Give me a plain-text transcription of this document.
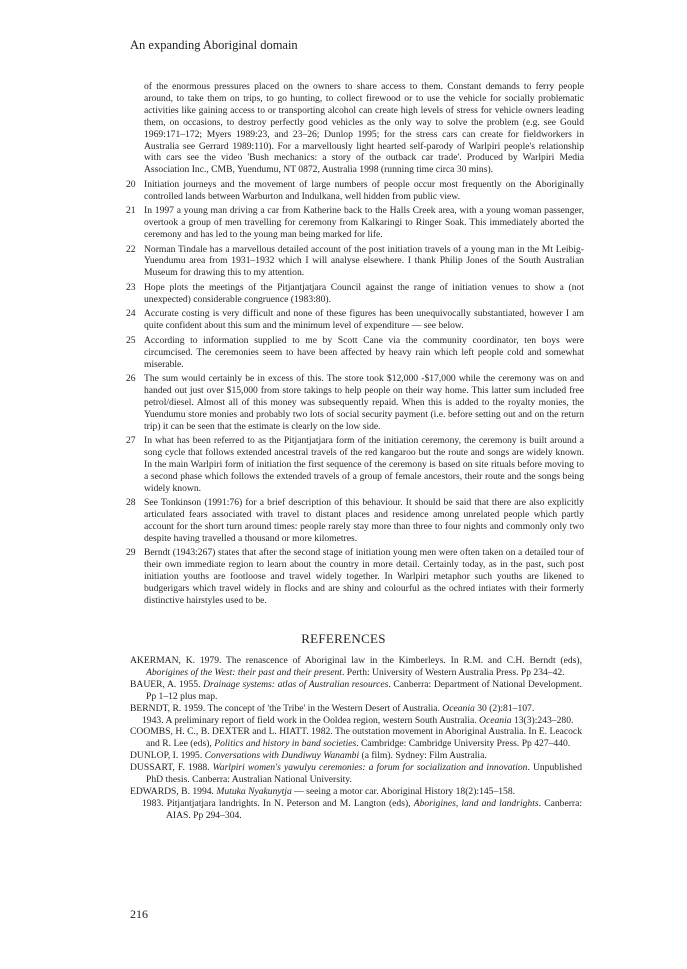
An expanding Aboriginal domain
of the enormous pressures placed on the owners to share access to them. Constant demands to ferry people around, to take them on trips, to go hunting, to collect firewood or to use the vehicle for socially problematic activities like gaining access to or transporting alcohol can create high levels of stress for vehicle owners leading them, on occasions, to destroy perfectly good vehicles as the only way to solve the problem (e.g. see Gould 1969:171–172; Myers 1989:23, and 23–26; Dunlop 1995; for the stress cars can create for fieldworkers in Australia see Gerrard 1989:110). For a marvellously light hearted self-parody of Warlpiri people's relationship with cars see the video 'Bush mechanics: a story of the outback car trade'. Produced by Warlpiri Media Association Inc., CMB, Yuendumu, NT 0872, Australia 1998 (running time circa 30 mins).
20 Initiation journeys and the movement of large numbers of people occur most frequently on the Aboriginally controlled lands between Warburton and Indulkana, well hidden from public view.
21 In 1997 a young man driving a car from Katherine back to the Halls Creek area, with a young woman passenger, overtook a group of men travelling for ceremony from Kalkaringi to Ringer Soak. This immediately aborted the ceremony and has led to the young man being marked for life.
22 Norman Tindale has a marvellous detailed account of the post initiation travels of a young man in the Mt Leibig-Yuendumu area from 1931–1932 which I will analyse elsewhere. I thank Philip Jones of the South Australian Museum for drawing this to my attention.
23 Hope plots the meetings of the Pitjantjatjara Council against the range of initiation venues to show a (not unexpected) considerable congruence (1983:80).
24 Accurate costing is very difficult and none of these figures has been unequivocally substantiated, however I am quite confident about this sum and the minimum level of expenditure — see below.
25 According to information supplied to me by Scott Cane via the community coordinator, ten boys were circumcised. The ceremonies seem to have been affected by heavy rain which left people cold and somewhat miserable.
26 The sum would certainly be in excess of this. The store took $12,000 -$17,000 while the ceremony was on and handed out just over $15,000 from store takings to help people on their way home. This latter sum included free petrol/diesel. Almost all of this money was subsequently repaid. When this is added to the royalty monies, the Yuendumu store monies and probably two lots of social security payment (i.e. before setting out and on the return trip) it can be seen that the estimate is clearly on the low side.
27 In what has been referred to as the Pitjantjatjara form of the initiation ceremony, the ceremony is built around a song cycle that follows extended ancestral travels of the red kangaroo but the route and songs are widely known. In the main Warlpiri form of initiation the first sequence of the ceremony is based on site rituals before moving to a second phase which follows the extended travels of a group of female ancestors, their route and the songs being widely known.
28 See Tonkinson (1991:76) for a brief description of this behaviour. It should be said that there are also explicitly articulated fears associated with travel to distant places and residence among unrelated people which partly account for the short turn around times: people rarely stay more than three to four nights and commonly only two despite having travelled a thousand or more kilometres.
29 Berndt (1943:267) states that after the second stage of initiation young men were often taken on a detailed tour of their own immediate region to learn about the country in more detail. Certainly today, as in the past, such post initiation youths are footloose and travel widely together. In Warlpiri metaphor such youths are likened to budgerigars which travel widely in flocks and are shiny and colourful as the ochred intiates with their formerly distinctive hairstyles used to be.
REFERENCES

AKERMAN, K. 1979. The renascence of Aboriginal law in the Kimberleys. In R.M. and C.H. Berndt (eds), Aborigines of the West: their past and their present. Perth: University of Western Australia Press. Pp 234–42.

BAUER, A. 1955. Drainage systems: atlas of Australian resources. Canberra: Department of National Development. Pp 1–12 plus map.

BERNDT, R. 1959. The concept of 'the Tribe' in the Western Desert of Australia. Oceania 30 (2):81–107.

1943. A preliminary report of field work in the Ooldea region, western South Australia. Oceania 13(3):243–280.

COOMBS, H. C., B. DEXTER and L. HIATT. 1982. The outstation movement in Aboriginal Australia. In E. Leacock and R. Lee (eds), Politics and history in band societies. Cambridge: Cambridge University Press. Pp 427–440.

DUNLOP, I. 1995. Conversations with Dundiwuy Wanambi (a film). Sydney: Film Australia.

DUSSART, F. 1988. Warlpiri women's yawulyu ceremonies: a forum for socialization and innovation. Unpublished PhD thesis. Canberra: Australian National University.

EDWARDS, B. 1994. Mutuka Nyakunytja — seeing a motor car. Aboriginal History 18(2):145–158.

1983. Pitjantjatjara landrights. In N. Peterson and M. Langton (eds), Aborigines, land and landrights. Canberra: AIAS. Pp 294–304.

216
